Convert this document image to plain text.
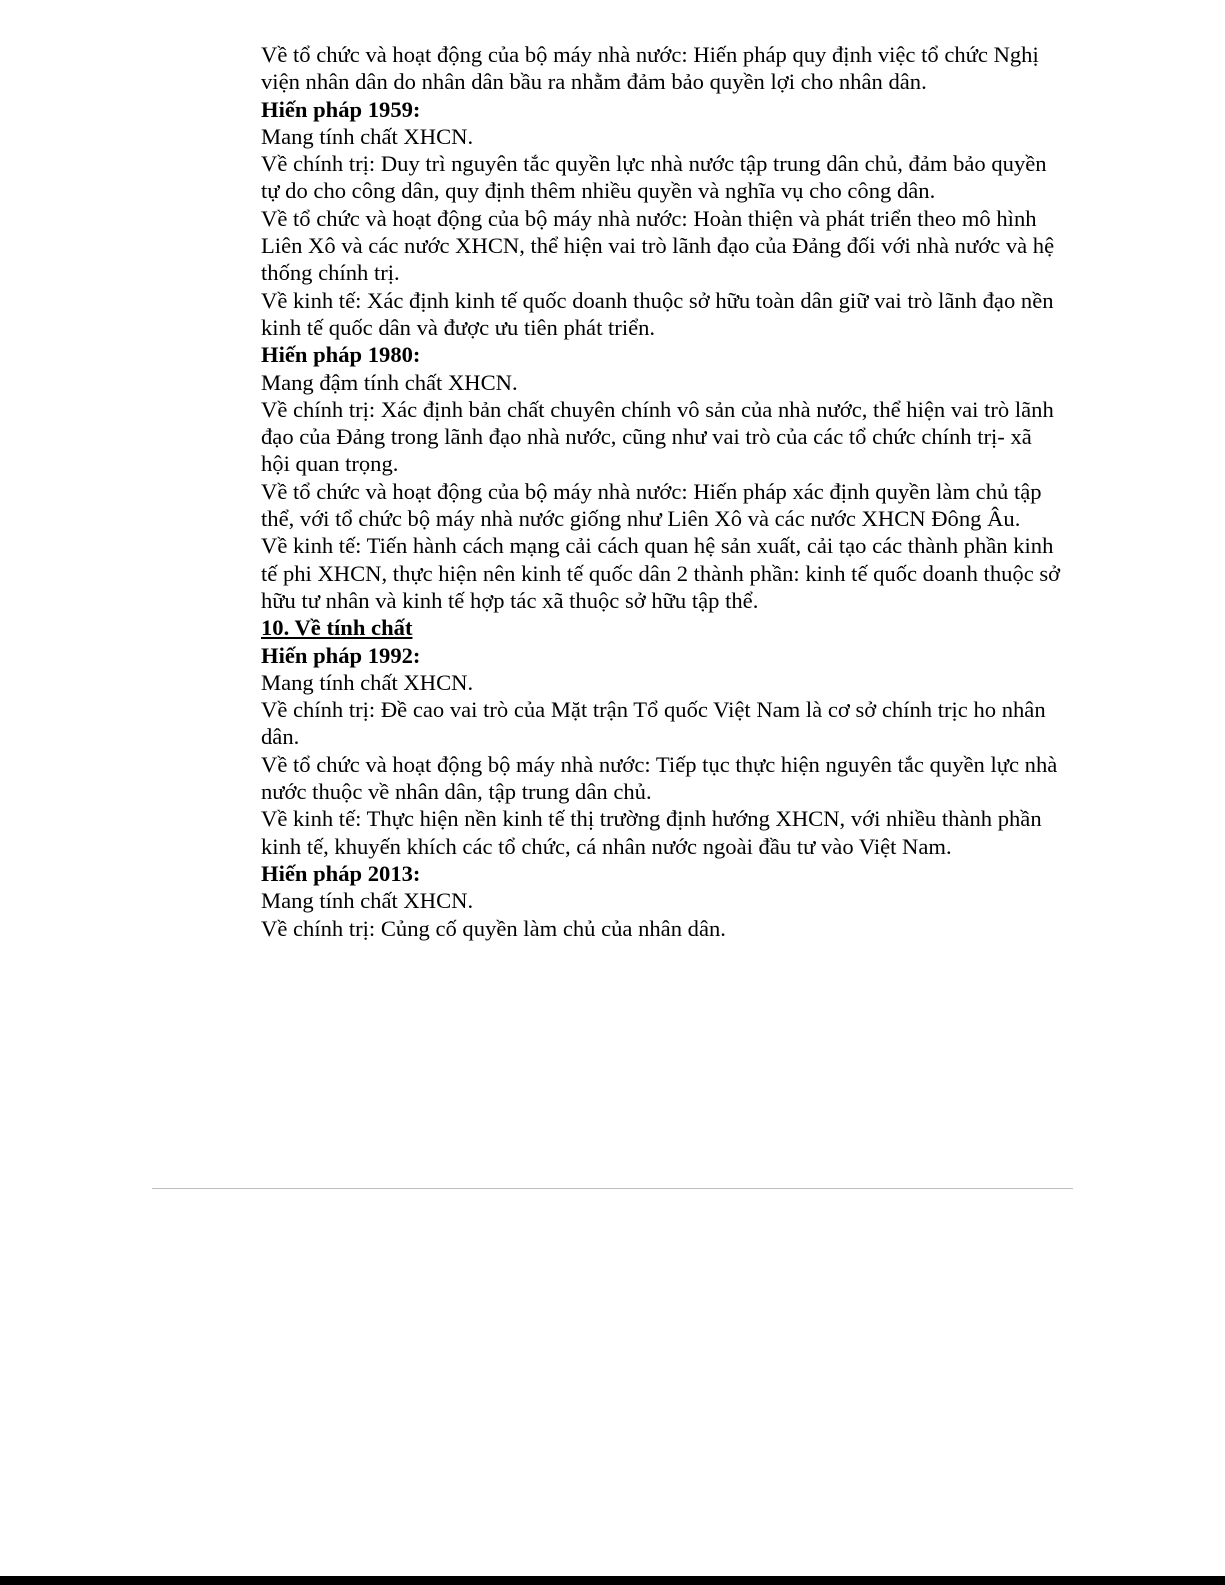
Về tổ chức và hoạt động của bộ máy nhà nước: Hiến pháp quy định việc tổ chức Nghị viện nhân dân do nhân dân bầu ra nhằm đảm bảo quyền lợi cho nhân dân.

Hiến pháp 1959:

Mang tính chất XHCN.

Về chính trị: Duy trì nguyên tắc quyền lực nhà nước tập trung dân chủ, đảm bảo quyền tự do cho công dân, quy định thêm nhiều quyền và nghĩa vụ cho công dân.

Về tổ chức và hoạt động của bộ máy nhà nước: Hoàn thiện và phát triển theo mô hình Liên Xô và các nước XHCN, thể hiện vai trò lãnh đạo của Đảng đối với nhà nước và hệ thống chính trị.

Về kinh tế: Xác định kinh tế quốc doanh thuộc sở hữu toàn dân giữ vai trò lãnh đạo nền kinh tế quốc dân và được ưu tiên phát triển.

Hiến pháp 1980:

Mang đậm tính chất XHCN.

Về chính trị: Xác định bản chất chuyên chính vô sản của nhà nước, thể hiện vai trò lãnh đạo của Đảng trong lãnh đạo nhà nước, cũng như vai trò của các tổ chức chính trị- xã hội quan trọng.

Về tổ chức và hoạt động của bộ máy nhà nước: Hiến pháp xác định quyền làm chủ tập thể, với tổ chức bộ máy nhà nước giống như Liên Xô và các nước XHCN Đông Âu.

Về kinh tế: Tiến hành cách mạng cải cách quan hệ sản xuất, cải tạo các thành phần kinh tế phi XHCN, thực hiện nên kinh tế quốc dân 2 thành phần: kinh tế quốc doanh thuộc sở hữu tư nhân và kinh tế hợp tác xã thuộc sở hữu tập thể.

10. Về tính chất

Hiến pháp 1992:

Mang tính chất XHCN.

Về chính trị: Đề cao vai trò của Mặt trận Tổ quốc Việt Nam là cơ sở chính trịc ho nhân dân.

Về tổ chức và hoạt động bộ máy nhà nước: Tiếp tục thực hiện nguyên tắc quyền lực nhà nước thuộc về nhân dân, tập trung dân chủ.

Về kinh tế: Thực hiện nền kinh tế thị trường định hướng XHCN, với nhiều thành phần kinh tế, khuyến khích các tổ chức, cá nhân nước ngoài đầu tư vào Việt Nam.

Hiến pháp 2013:

Mang tính chất XHCN.

Về chính trị: Củng cố quyền làm chủ của nhân dân.
